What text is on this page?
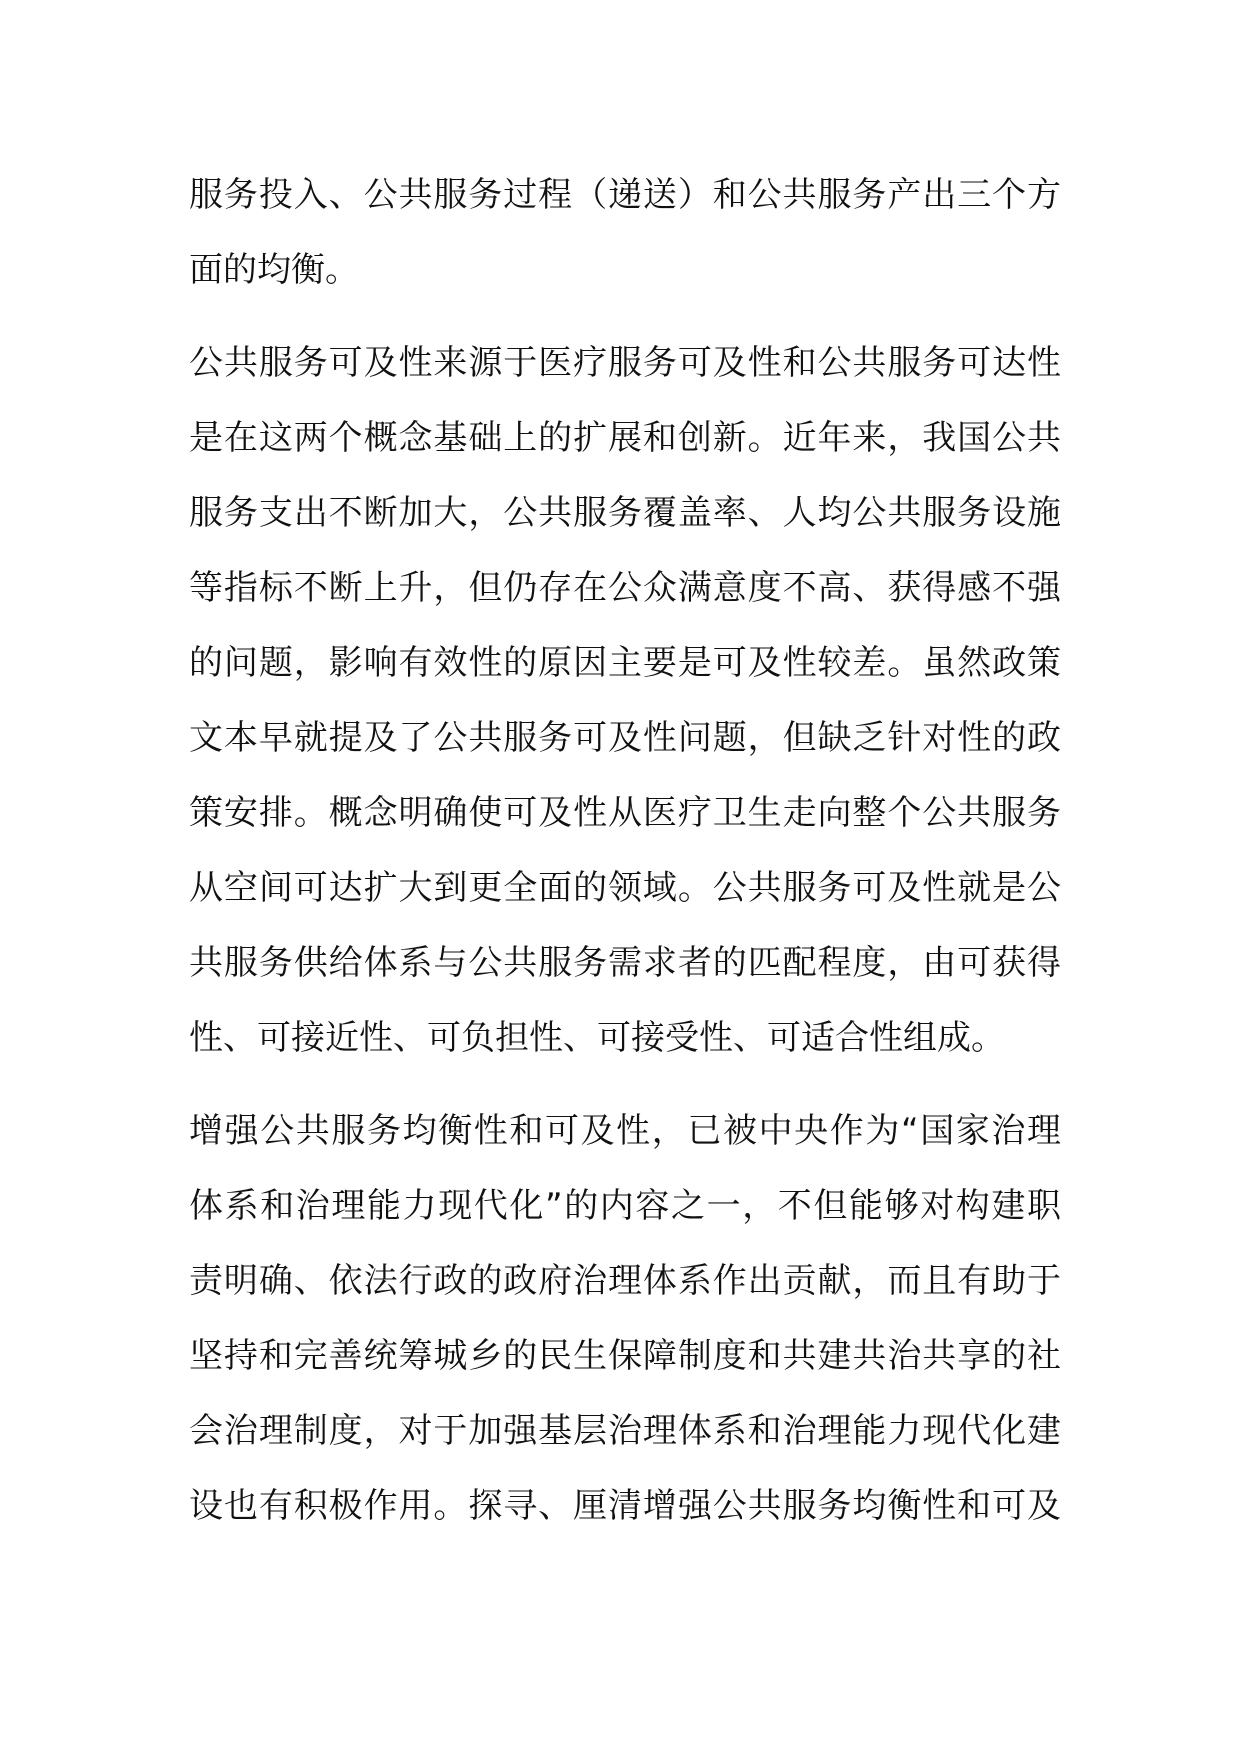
服务投入、公共服务过程（递送）和公共服务产出三个方
面的均衡。

公共服务可及性来源于医疗服务可及性和公共服务可达性
是在这两个概念基础上的扩展和创新。近年来，我国公共
服务支出不断加大，公共服务覆盖率、人均公共服务设施
等指标不断上升，但仍存在公众满意度不高、获得感不强
的问题，影响有效性的原因主要是可及性较差。虽然政策
文本早就提及了公共服务可及性问题，但缺乏针对性的政
策安排。概念明确使可及性从医疗卫生走向整个公共服务
从空间可达扩大到更全面的领域。公共服务可及性就是公
共服务供给体系与公共服务需求者的匹配程度，由可获得
性、可接近性、可负担性、可接受性、可适合性组成。

增强公共服务均衡性和可及性，已被中央作为“国家治理
体系和治理能力现代化”的内容之一，不但能够对构建职
责明确、依法行政的政府治理体系作出贡献，而且有助于
坚持和完善统筹城乡的民生保障制度和共建共治共享的社
会治理制度，对于加强基层治理体系和治理能力现代化建
设也有积极作用。探寻、厘清增强公共服务均衡性和可及
